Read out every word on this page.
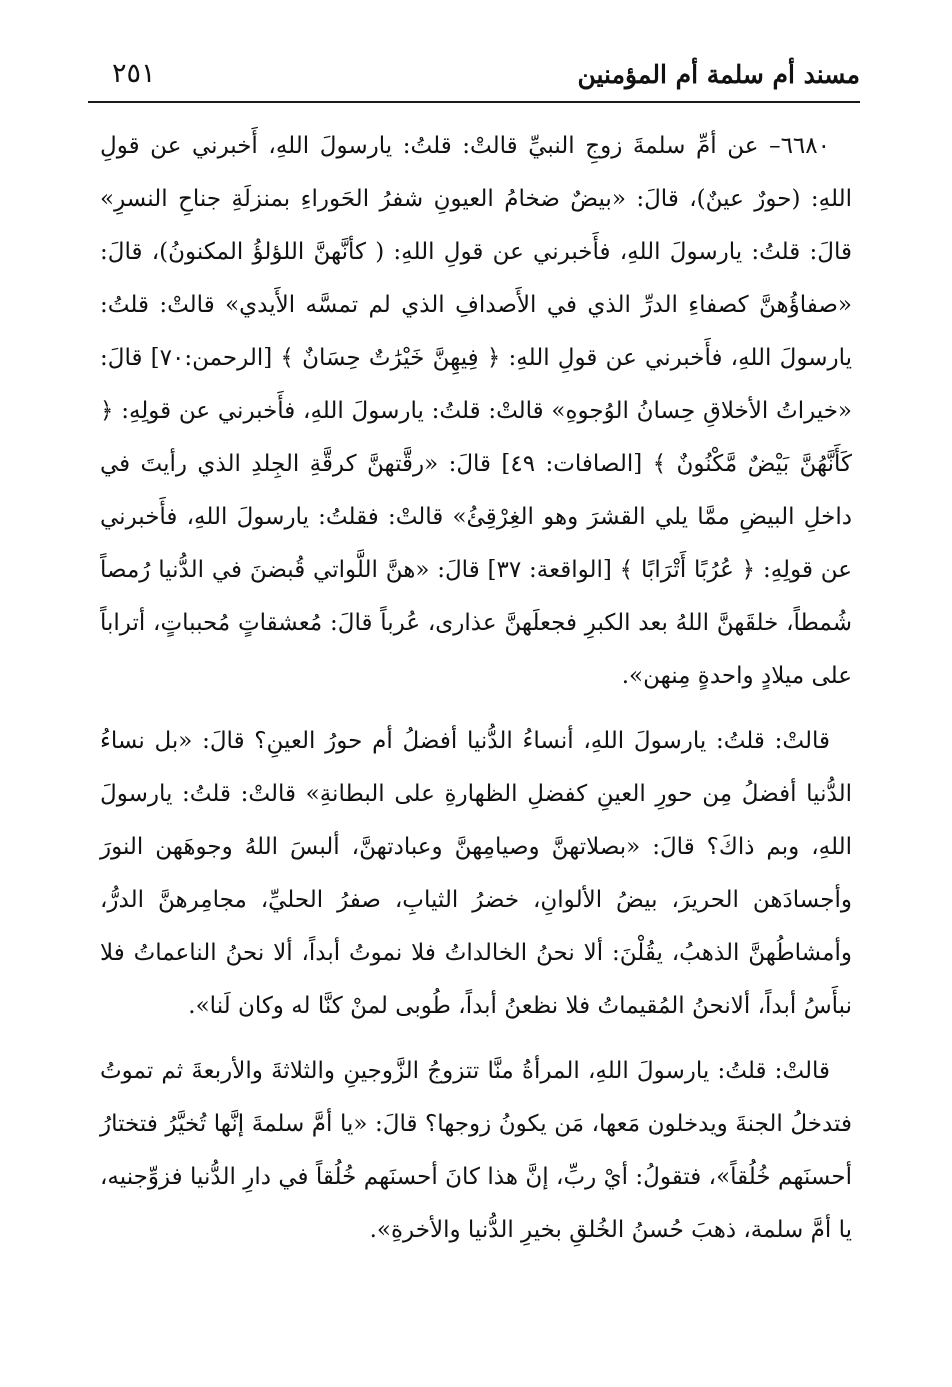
مسند أم سلمة أم المؤمنين
٢٥١

٦٦٨٠– عن أمِّ سلمةَ زوجِ النبيِّ قالتْ: قلتُ: يارسولَ اللهِ، أَخبرني عن قولِ اللهِ: (حورٌ عينٌ)، قالَ: «بيضٌ ضخامُ العيونِ شفرُ الحَوراءِ بمنزلَةِ جناحِ النسرِ» قالَ: قلتُ: يارسولَ اللهِ، فأَخبرني عن قولِ اللهِ: ( كأنَّهنَّ اللؤلؤُ المكنونُ)، قالَ: «صفاؤُهنَّ كصفاءِ الدرِّ الذي في الأَصدافِ الذي لم تمسَّه الأَيدي» قالتْ: قلتُ: يارسولَ اللهِ، فأَخبرني عن قولِ اللهِ: ﴿ فِيهِنَّ خَيْرَٰتٌ حِسَانٌ ﴾ [الرحمن:٧٠] قالَ: «خيراتُ الأخلاقِ حِسانُ الوُجوهِ» قالتْ: قلتُ: يارسولَ اللهِ، فأَخبرني عن قولِهِ: ﴿ كَأَنَّهُنَّ بَيْضٌ مَّكْنُونٌ ﴾ [الصافات: ٤٩] قالَ: «رقَّتهنَّ كرقَّةِ الجِلدِ الذي رأيتَ في داخلِ البيضِ ممَّا يلي القشرَ وهو الغِرْقِئُ» قالتْ: فقلتُ: يارسولَ اللهِ، فأَخبرني عن قولِهِ: ﴿ عُرُبًا أَتْرَابًا ﴾ [الواقعة: ٣٧] قالَ: «هنَّ اللَّواتي قُبضنَ في الدُّنيا رُمصاً شُمطاً، خلقَهنَّ اللهُ بعد الكبرِ فجعلَهنَّ عذارى، عُرباً قالَ: مُعشقاتٍ مُحبباتٍ، أتراباً على ميلادٍ واحدةٍ مِنهن».

قالتْ: قلتُ: يارسولَ اللهِ، أنساءُ الدُّنيا أفضلُ أم حورُ العينِ؟ قالَ: «بل نساءُ الدُّنيا أفضلُ مِن حورِ العينِ كفضلِ الظهارةِ على البطانةِ» قالتْ: قلتُ: يارسولَ اللهِ، وبم ذاكَ؟ قالَ: «بصلاتهنَّ وصيامِهنَّ وعبادتهنَّ، ألبسَ اللهُ وجوهَهن النورَ وأجسادَهن الحريرَ، بيضُ الألوانِ، خضرُ الثيابِ، صفرُ الحليِّ، مجامِرهنَّ الدرُّ، وأمشاطُهنَّ الذهبُ، يقُلْنَ: ألا نحنُ الخالداتُ فلا نموتُ أبداً، ألا نحنُ الناعماتُ فلا نبأَسُ أبداً، ألانحنُ المُقيماتُ فلا نظعنُ أبداً، طُوبى لمنْ كنَّا له وكان لَنا».

قالتْ: قلتُ: يارسولَ اللهِ، المرأةُ منَّا تتزوجُ الزَّوجينِ والثلاثةَ والأربعةَ ثم تموتُ فتدخلُ الجنةَ ويدخلون مَعها، مَن يكونُ زوجها؟ قالَ: «يا أمَّ سلمةَ إنَّها تُخيَّرُ فتختارُ أحسنَهم خُلُقاً»، فتقولُ: أيْ ربِّ، إنَّ هذا كانَ أحسنَهم خُلُقاً في دارِ الدُّنيا فزوِّجنيه، يا أمَّ سلمة، ذهبَ حُسنُ الخُلقِ بخيرِ الدُّنيا والأخرةِ».
